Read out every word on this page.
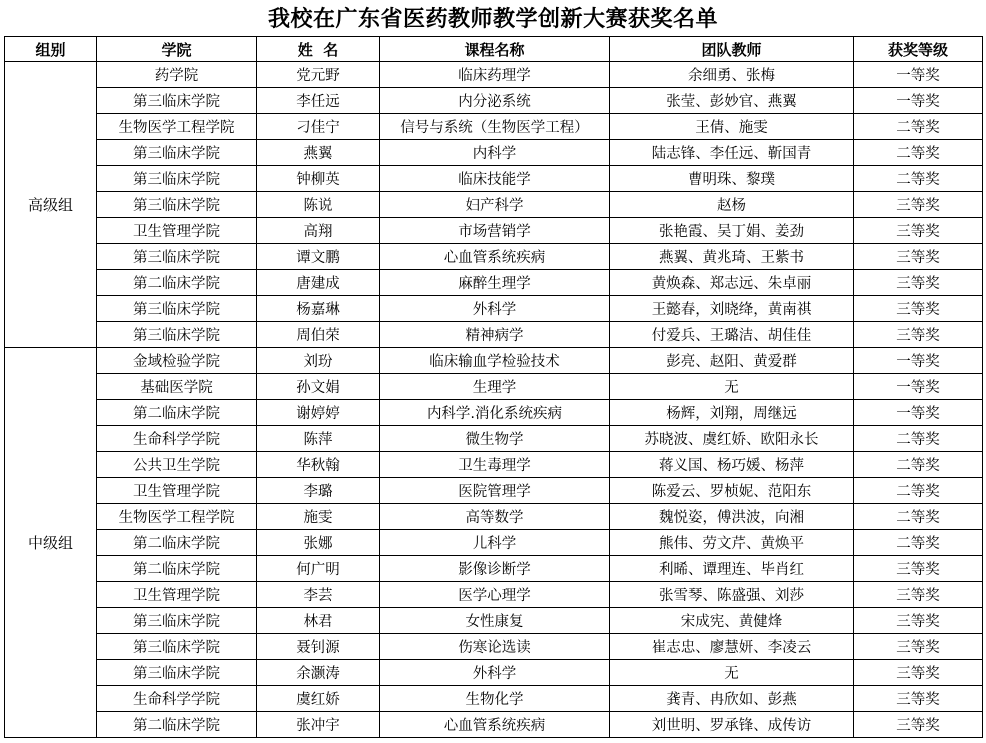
我校在广东省医药教师教学创新大赛获奖名单
组别	学院	姓  名	课程名称	团队教师	获奖等级
高级组	药学院	党元野	临床药理学	余细勇、张梅	一等奖
	第三临床学院	李任远	内分泌系统	张莹、彭妙官、燕翼	一等奖
	生物医学工程学院	刁佳宁	信号与系统（生物医学工程）	王倩、施雯	二等奖
	第三临床学院	燕翼	内科学	陆志锋、李任远、靳国青	二等奖
	第三临床学院	钟柳英	临床技能学	曹明珠、黎璞	二等奖
	第三临床学院	陈说	妇产科学	赵杨	三等奖
	卫生管理学院	高翔	市场营销学	张艳霞、吴丁娟、姜劲	三等奖
	第三临床学院	谭文鹏	心血管系统疾病	燕翼、黄兆琦、王紫书	三等奖
	第二临床学院	唐建成	麻醉生理学	黄焕森、郑志远、朱卓丽	三等奖
	第三临床学院	杨嘉琳	外科学	王懿春，刘晓绛，黄南祺	三等奖
	第三临床学院	周伯荣	精神病学	付爱兵、王璐洁、胡佳佳	三等奖
中级组	金域检验学院	刘玢	临床输血学检验技术	彭亮、赵阳、黄爱群	一等奖
	基础医学院	孙文娟	生理学	无	一等奖
	第二临床学院	谢婷婷	内科学.消化系统疾病	杨辉，刘翔，周继远	一等奖
	生命科学学院	陈萍	微生物学	苏晓波、虞红娇、欧阳永长	二等奖
	公共卫生学院	华秋翰	卫生毒理学	蒋义国、杨巧媛、杨萍	二等奖
	卫生管理学院	李璐	医院管理学	陈爱云、罗桢妮、范阳东	二等奖
	生物医学工程学院	施雯	高等数学	魏悦姿，傅洪波，向湘	二等奖
	第二临床学院	张娜	儿科学	熊伟、劳文芹、黄焕平	二等奖
	第二临床学院	何广明	影像诊断学	利晞、谭理连、毕肖红	三等奖
	卫生管理学院	李芸	医学心理学	张雪琴、陈盛强、刘莎	三等奖
	第三临床学院	林君	女性康复	宋成宪、黄健烽	三等奖
	第三临床学院	聂钊源	伤寒论选读	崔志忠、廖慧妍、李凌云	三等奖
	第三临床学院	余灏涛	外科学	无	三等奖
	生命科学学院	虞红娇	生物化学	龚青、冉欣如、彭燕	三等奖
	第二临床学院	张冲宇	心血管系统疾病	刘世明、罗承锋、成传访	三等奖
